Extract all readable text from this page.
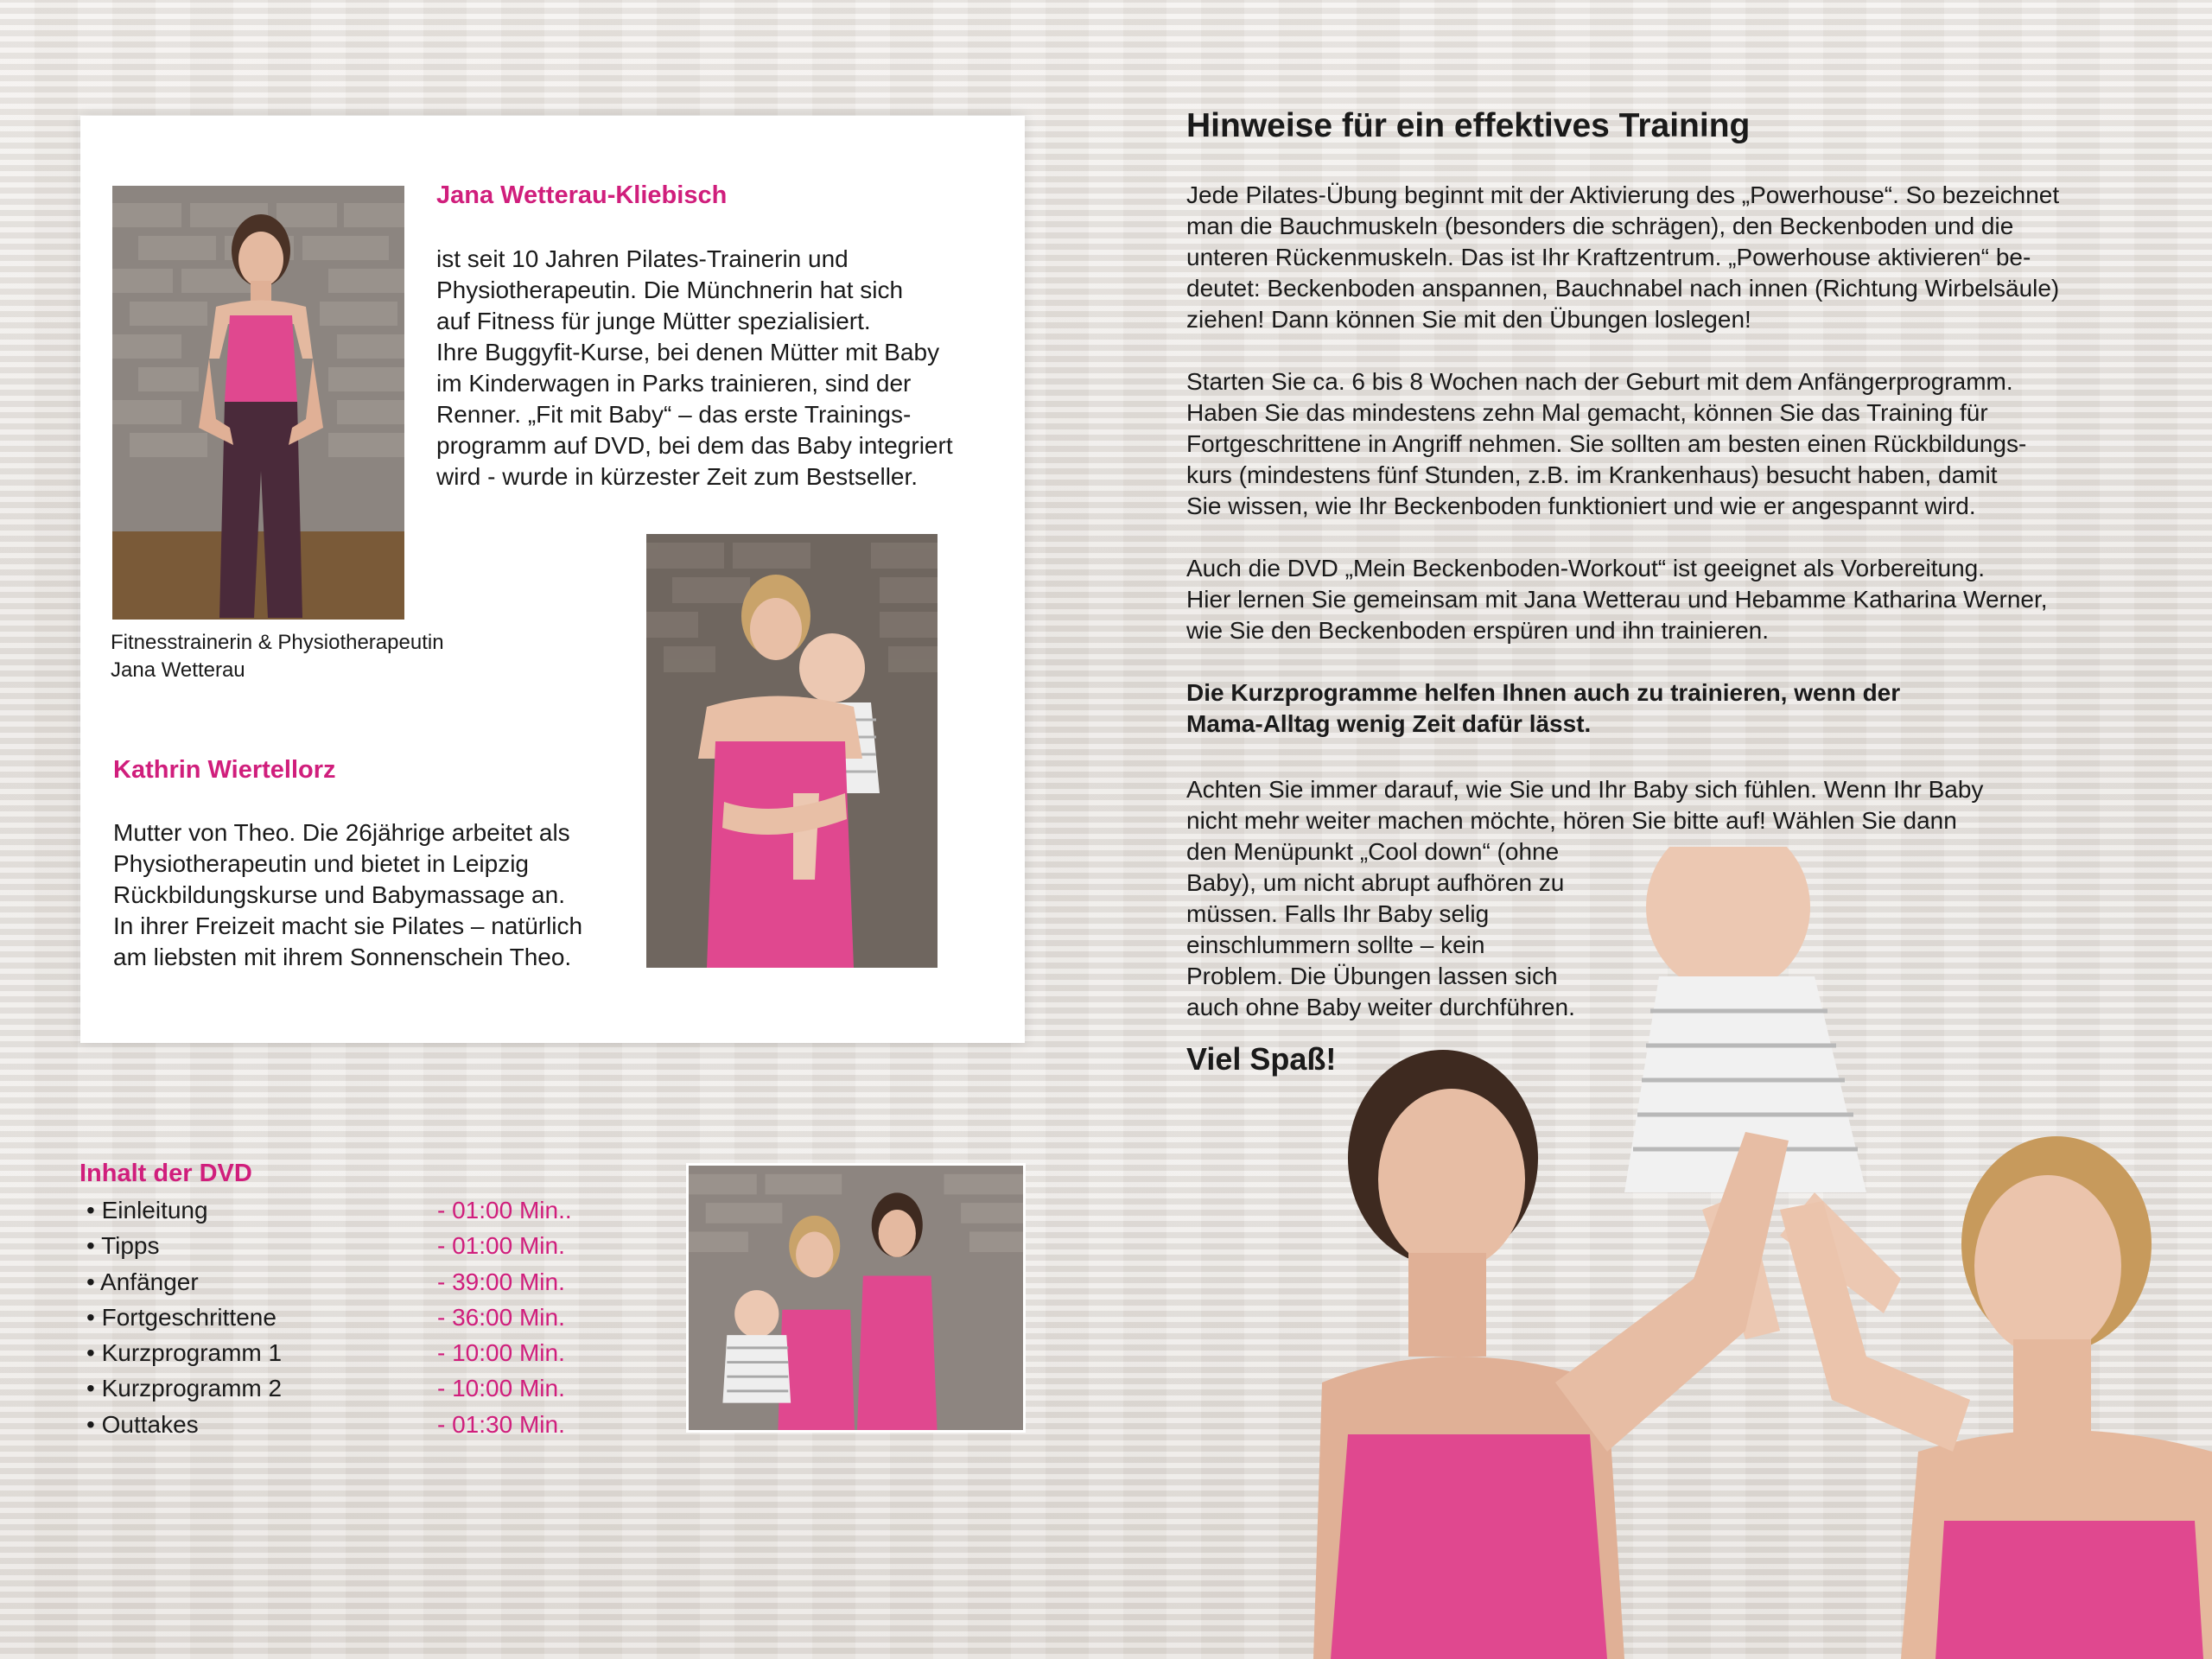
Jana Wetterau-Kliebisch
ist seit 10 Jahren Pilates-Trainerin und
Physiotherapeutin. Die Münchnerin hat sich
auf Fitness für junge Mütter spezialisiert.
Ihre Buggyfit-Kurse, bei denen Mütter mit Baby
im Kinderwagen in Parks trainieren, sind der
Renner. „Fit mit Baby“ – das erste Trainings-
programm auf DVD, bei dem das Baby integriert
wird - wurde in kürzester Zeit zum Bestseller.
Fitnesstrainerin & Physiotherapeutin
Jana Wetterau
Kathrin Wiertellorz
Mutter von Theo. Die 26jährige arbeitet als
Physiotherapeutin und bietet in Leipzig
Rückbildungskurse und Babymassage an.
In ihrer Freizeit macht sie Pilates – natürlich
am liebsten mit ihrem Sonnenschein Theo.
Inhalt der DVD
• Einleitung	- 01:00 Min..
• Tipps	- 01:00 Min.
• Anfänger	- 39:00 Min.
• Fortgeschrittene	- 36:00 Min.
• Kurzprogramm 1	- 10:00 Min.
• Kurzprogramm 2	- 10:00 Min.
• Outtakes	- 01:30 Min.
Hinweise für ein effektives Training
Jede Pilates-Übung beginnt mit der Aktivierung des „Powerhouse“. So bezeichnet
man die Bauchmuskeln (besonders die schrägen), den Beckenboden und die
unteren Rückenmuskeln. Das ist Ihr Kraftzentrum. „Powerhouse aktivieren“ be-
deutet: Beckenboden anspannen, Bauchnabel nach innen (Richtung Wirbelsäule)
ziehen! Dann können Sie mit den Übungen loslegen!
Starten Sie ca. 6 bis 8 Wochen nach der Geburt mit dem Anfängerprogramm.
Haben Sie das mindestens zehn Mal gemacht, können Sie das Training für
Fortgeschrittene in Angriff nehmen. Sie sollten am besten einen Rückbildungs-
kurs (mindestens fünf Stunden, z.B. im Krankenhaus) besucht haben, damit
Sie wissen, wie Ihr Beckenboden funktioniert und wie er angespannt wird.
Auch die DVD „Mein Beckenboden-Workout“ ist geeignet als Vorbereitung.
Hier lernen Sie gemeinsam mit Jana Wetterau und Hebamme Katharina Werner,
wie Sie den Beckenboden erspüren und ihn trainieren.
Die Kurzprogramme helfen Ihnen auch zu trainieren, wenn der
Mama-Alltag wenig Zeit dafür lässt.
Achten Sie immer darauf, wie Sie und Ihr Baby sich fühlen. Wenn Ihr Baby
nicht mehr weiter machen möchte, hören Sie bitte auf! Wählen Sie dann
den Menüpunkt „Cool down“ (ohne
Baby), um nicht abrupt aufhören zu
müssen. Falls Ihr Baby selig
einschlummern sollte – kein
Problem. Die Übungen lassen sich
auch ohne Baby weiter durchführen.
Viel Spaß!
